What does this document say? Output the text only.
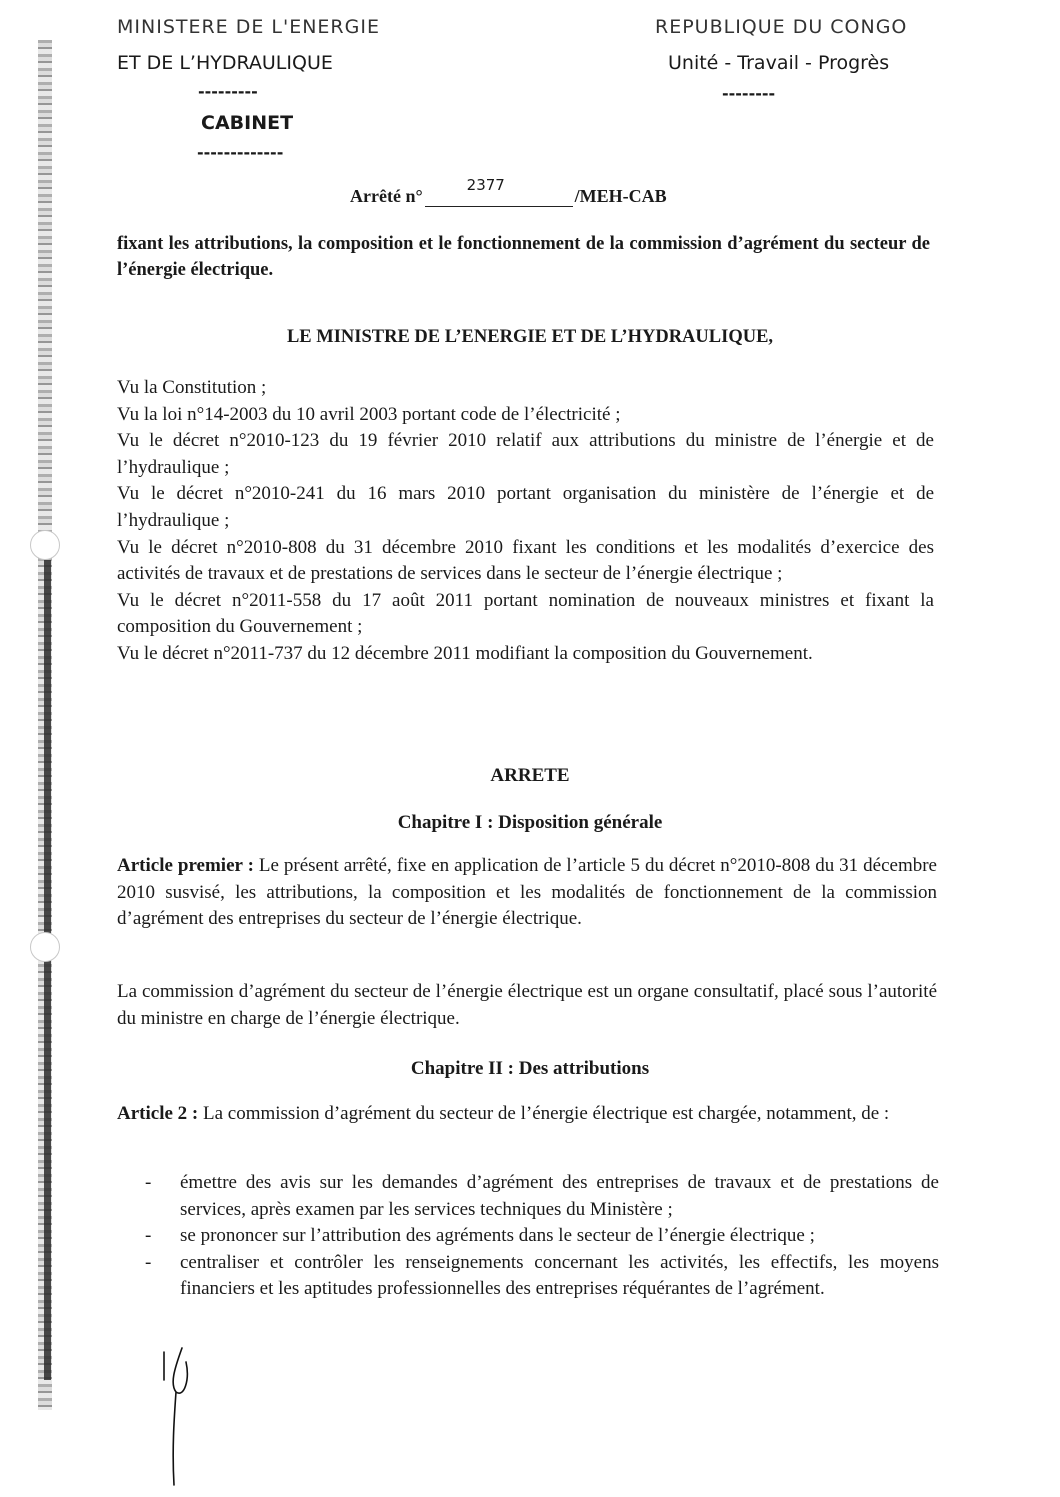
MINISTERE DE L'ENERGIE
ET DE L’HYDRAULIQUE
---------
CABINET
-------------
REPUBLIQUE DU CONGO
Unité - Travail - Progrès
--------
Arrêté n°
2377
/MEH-CAB
fixant les attributions, la composition et le fonctionnement de la commission d’agrément du secteur de l’énergie électrique.
LE MINISTRE DE L’ENERGIE ET DE L’HYDRAULIQUE,

Vu la Constitution ;

Vu la loi n°14-2003 du 10 avril 2003 portant code de l’électricité ;

Vu le décret n°2010-123 du 19 février 2010 relatif aux attributions du ministre de l’énergie et de l’hydraulique ;

Vu le décret n°2010-241 du 16 mars 2010 portant organisation du ministère de l’énergie et de l’hydraulique ;

Vu le décret n°2010-808 du 31 décembre 2010 fixant les conditions et les modalités d’exercice des activités de travaux et de prestations de services dans le secteur de l’énergie électrique ;

Vu le décret n°2011-558 du 17 août 2011 portant nomination de nouveaux ministres et fixant la composition du Gouvernement ;

Vu le décret n°2011-737 du 12 décembre 2011 modifiant la composition du Gouvernement.

ARRETE
Chapitre I : Disposition générale

Article premier : Le présent arrêté, fixe en application de l’article 5 du décret n°2010-808 du 31 décembre 2010 susvisé, les attributions, la composition et les modalités de fonctionnement de la commission d’agrément des entreprises du secteur de l’énergie électrique.

La commission d’agrément du secteur de l’énergie électrique est un organe consultatif, placé sous l’autorité du ministre en charge de l’énergie électrique.

Chapitre II : Des attributions

Article 2 : La commission d’agrément du secteur de l’énergie électrique est chargée, notamment, de :

- émettre des avis sur les demandes d’agrément des entreprises de travaux et de prestations de services, après examen par les services techniques du Ministère ;
- se prononcer sur l’attribution des agréments dans le secteur de l’énergie électrique ;
- centraliser et contrôler les renseignements concernant les activités, les effectifs, les moyens financiers et les aptitudes professionnelles des entreprises réquérantes de l’agrément.
